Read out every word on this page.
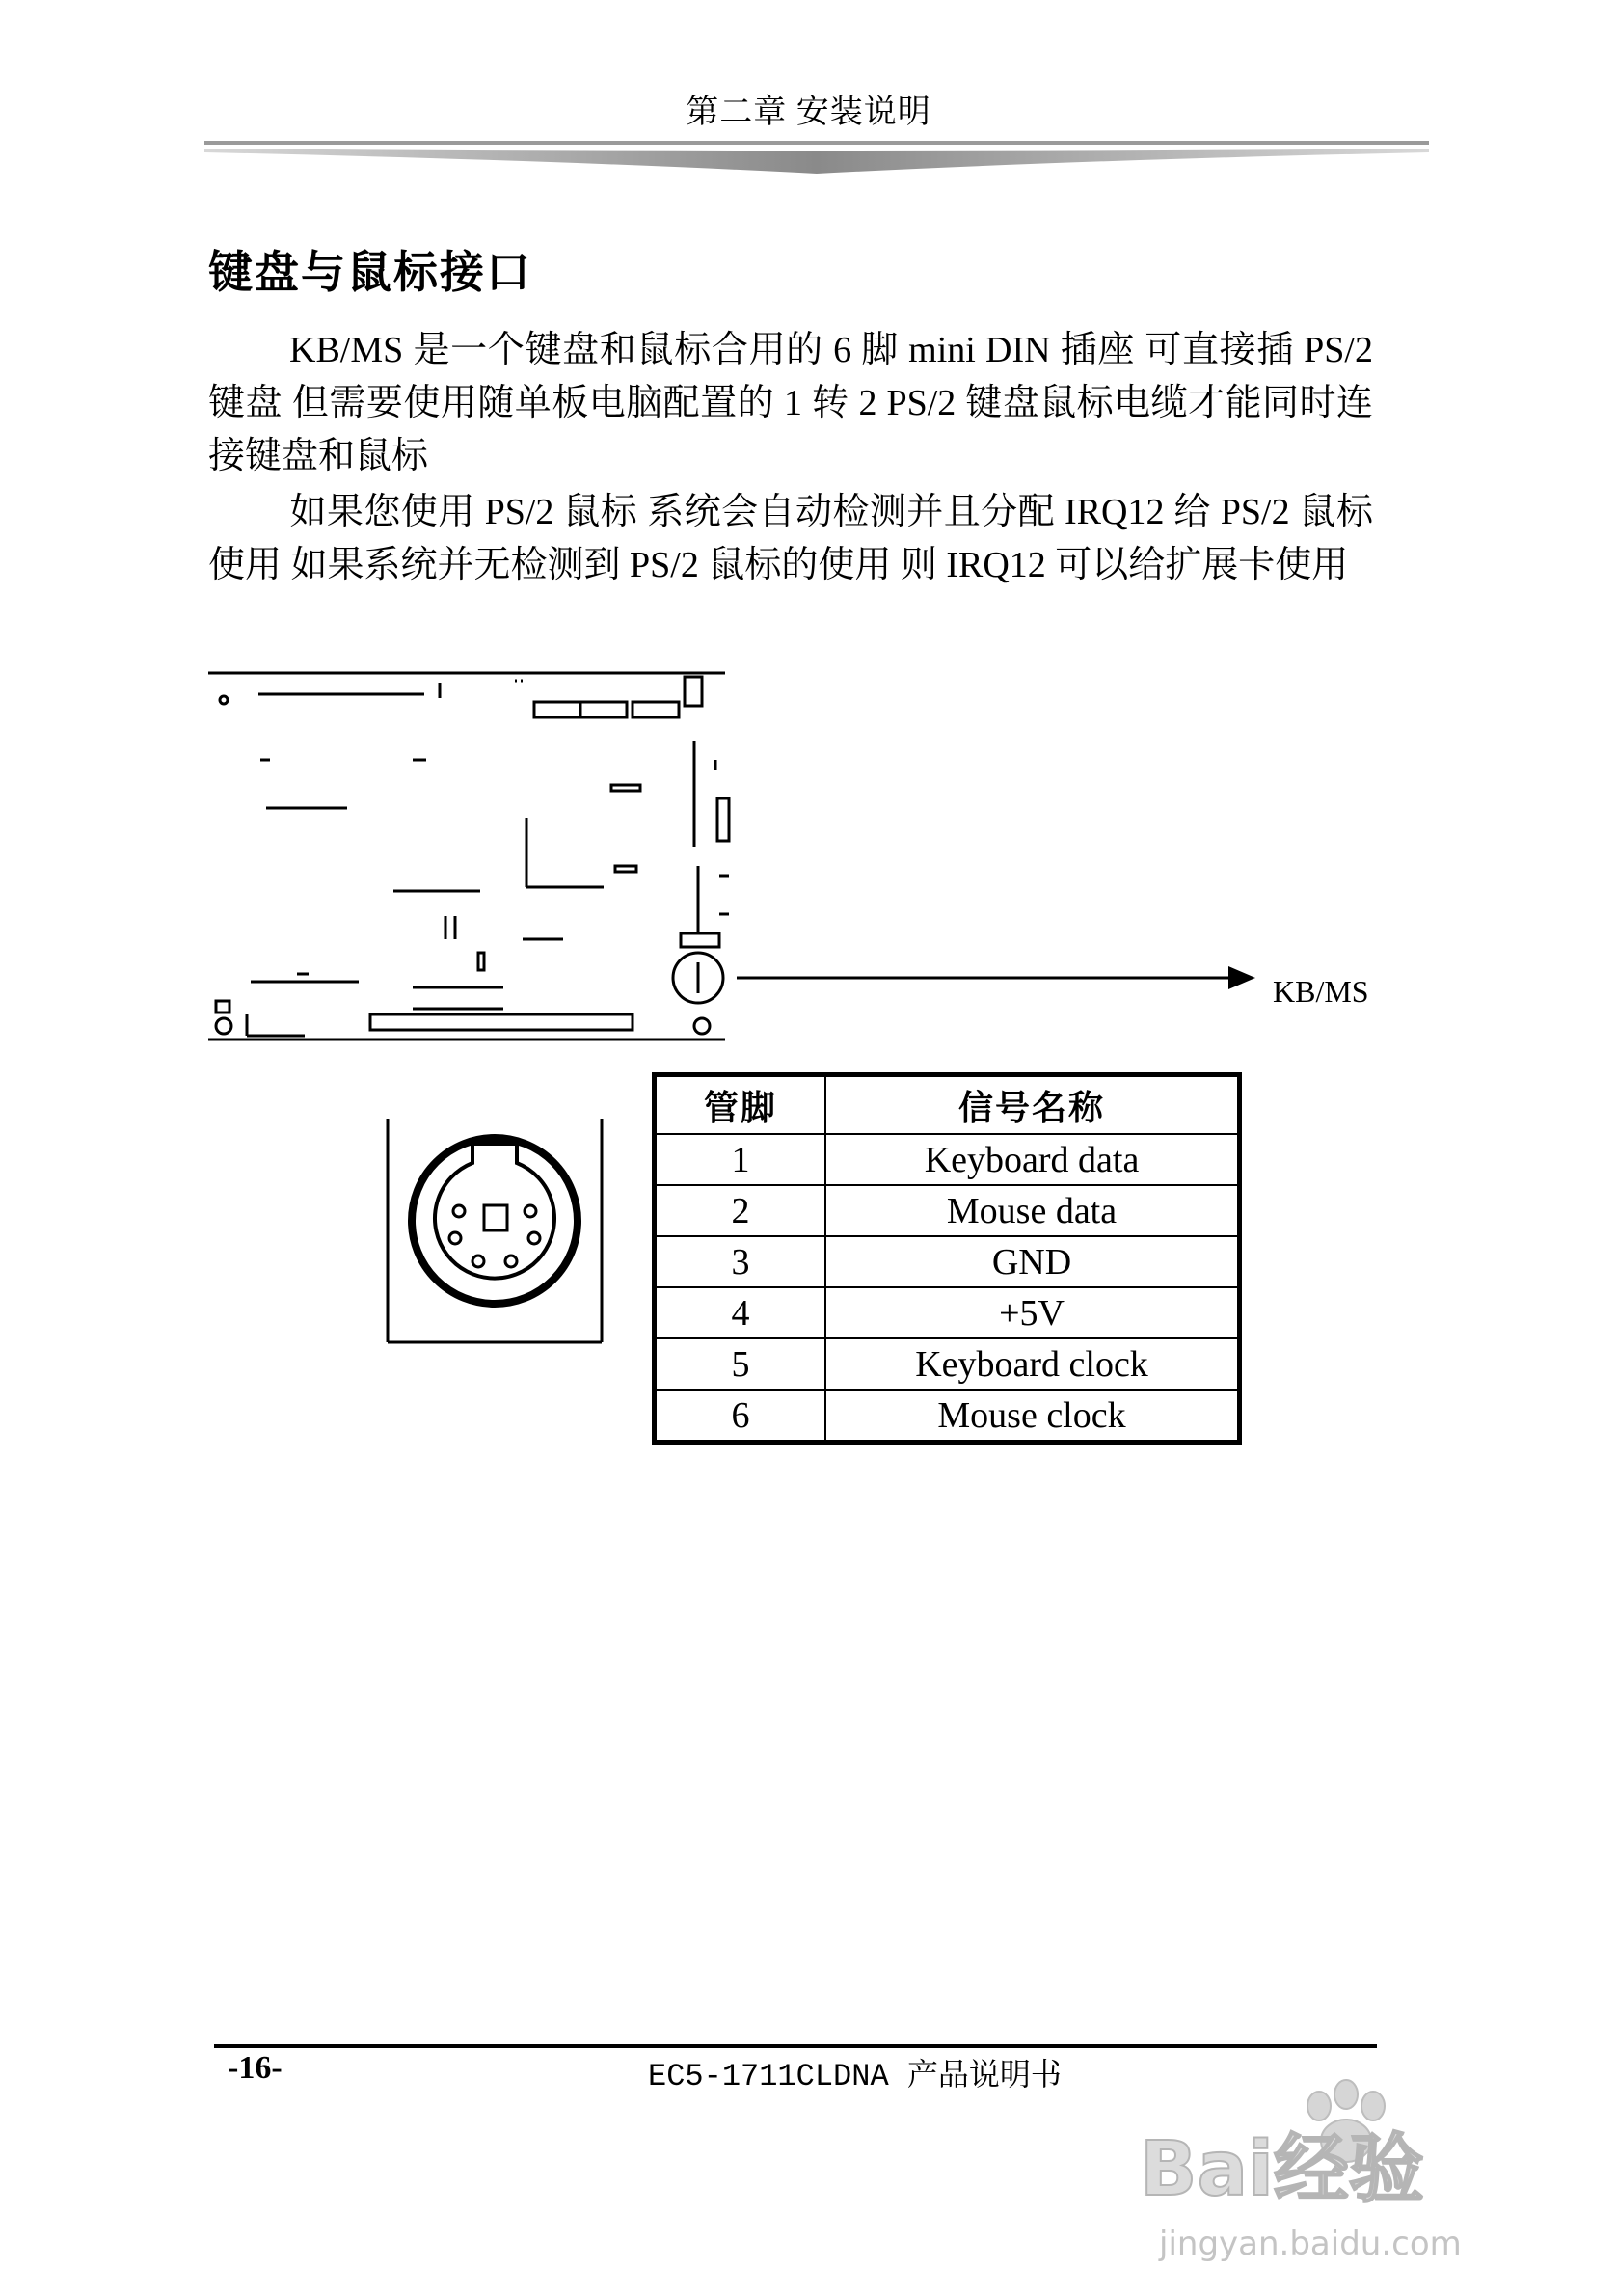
第二章 安装说明
键盘与鼠标接口
KB/MS 是一个键盘和鼠标合用的 6 脚 mini DIN 插座 可直接插 PS/2 键盘 但需要使用随单板电脑配置的 1 转 2 PS/2 键盘鼠标电缆才能同时连接键盘和鼠标
如果您使用 PS/2 鼠标 系统会自动检测并且分配 IRQ12 给 PS/2 鼠标使用 如果系统并无检测到 PS/2 鼠标的使用 则 IRQ12 可以给扩展卡使用
KB/MS
管脚	信号名称
1	Keyboard data
2	Mouse data
3	GND
4	+5V
5	Keyboard clock
6	Mouse clock
-16-	EC5-1711CLDNA 产品说明书
Bai经验
jingyan.baidu.com
